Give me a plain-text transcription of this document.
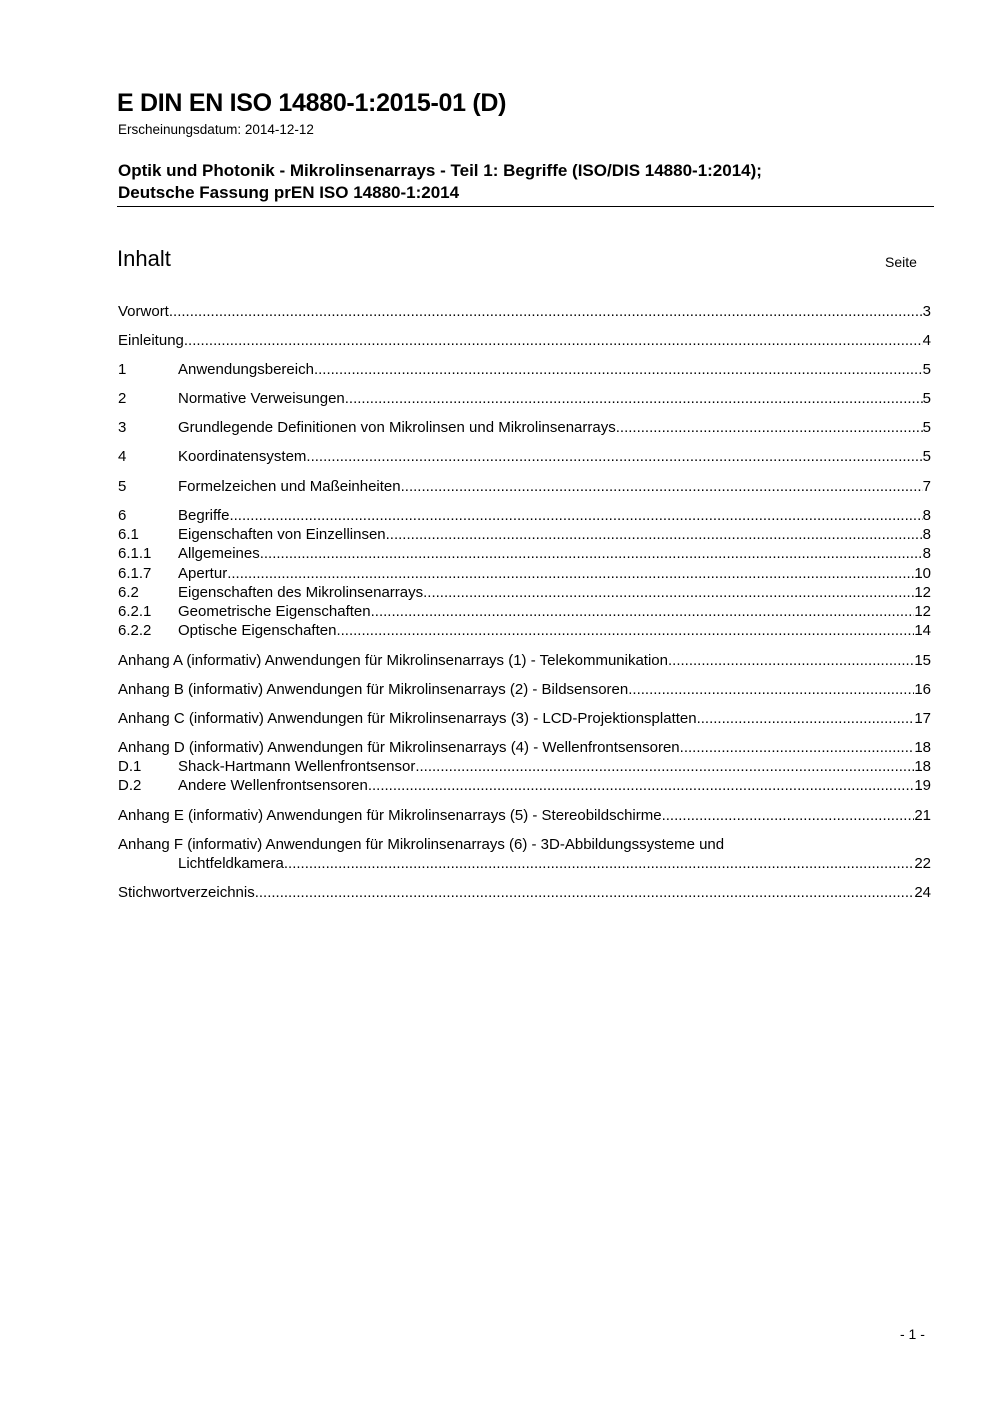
E DIN EN ISO 14880-1:2015-01 (D)
Erscheinungsdatum: 2014-12-12
Optik und Photonik - Mikrolinsenarrays - Teil 1: Begriffe (ISO/DIS 14880-1:2014);
Deutsche Fassung prEN ISO 14880-1:2014
Inhalt	Seite
Vorwort .....	3
Einleitung .....	4
1	Anwendungsbereich .....	5
2	Normative Verweisungen .....	5
3	Grundlegende Definitionen von Mikrolinsen und Mikrolinsenarrays .....	5
4	Koordinatensystem .....	5
5	Formelzeichen und Maßeinheiten .....	7
6	Begriffe .....	8
6.1	Eigenschaften von Einzellinsen .....	8
6.1.1	Allgemeines .....	8
6.1.7	Apertur .....	10
6.2	Eigenschaften des Mikrolinsenarrays .....	12
6.2.1	Geometrische Eigenschaften .....	12
6.2.2	Optische Eigenschaften .....	14
Anhang A (informativ) Anwendungen für Mikrolinsenarrays (1) - Telekommunikation .....	15
Anhang B (informativ) Anwendungen für Mikrolinsenarrays (2) - Bildsensoren .....	16
Anhang C (informativ) Anwendungen für Mikrolinsenarrays (3) - LCD-Projektionsplatten .....	17
Anhang D (informativ) Anwendungen für Mikrolinsenarrays (4) - Wellenfrontsensoren .....	18
D.1	Shack-Hartmann Wellenfrontsensor .....	18
D.2	Andere Wellenfrontsensoren .....	19
Anhang E (informativ) Anwendungen für Mikrolinsenarrays (5) - Stereobildschirme .....	21
Anhang F (informativ) Anwendungen für Mikrolinsenarrays (6) - 3D-Abbildungssysteme und
Lichtfeldkamera .....	22
Stichwortverzeichnis .....	24
- 1 -
